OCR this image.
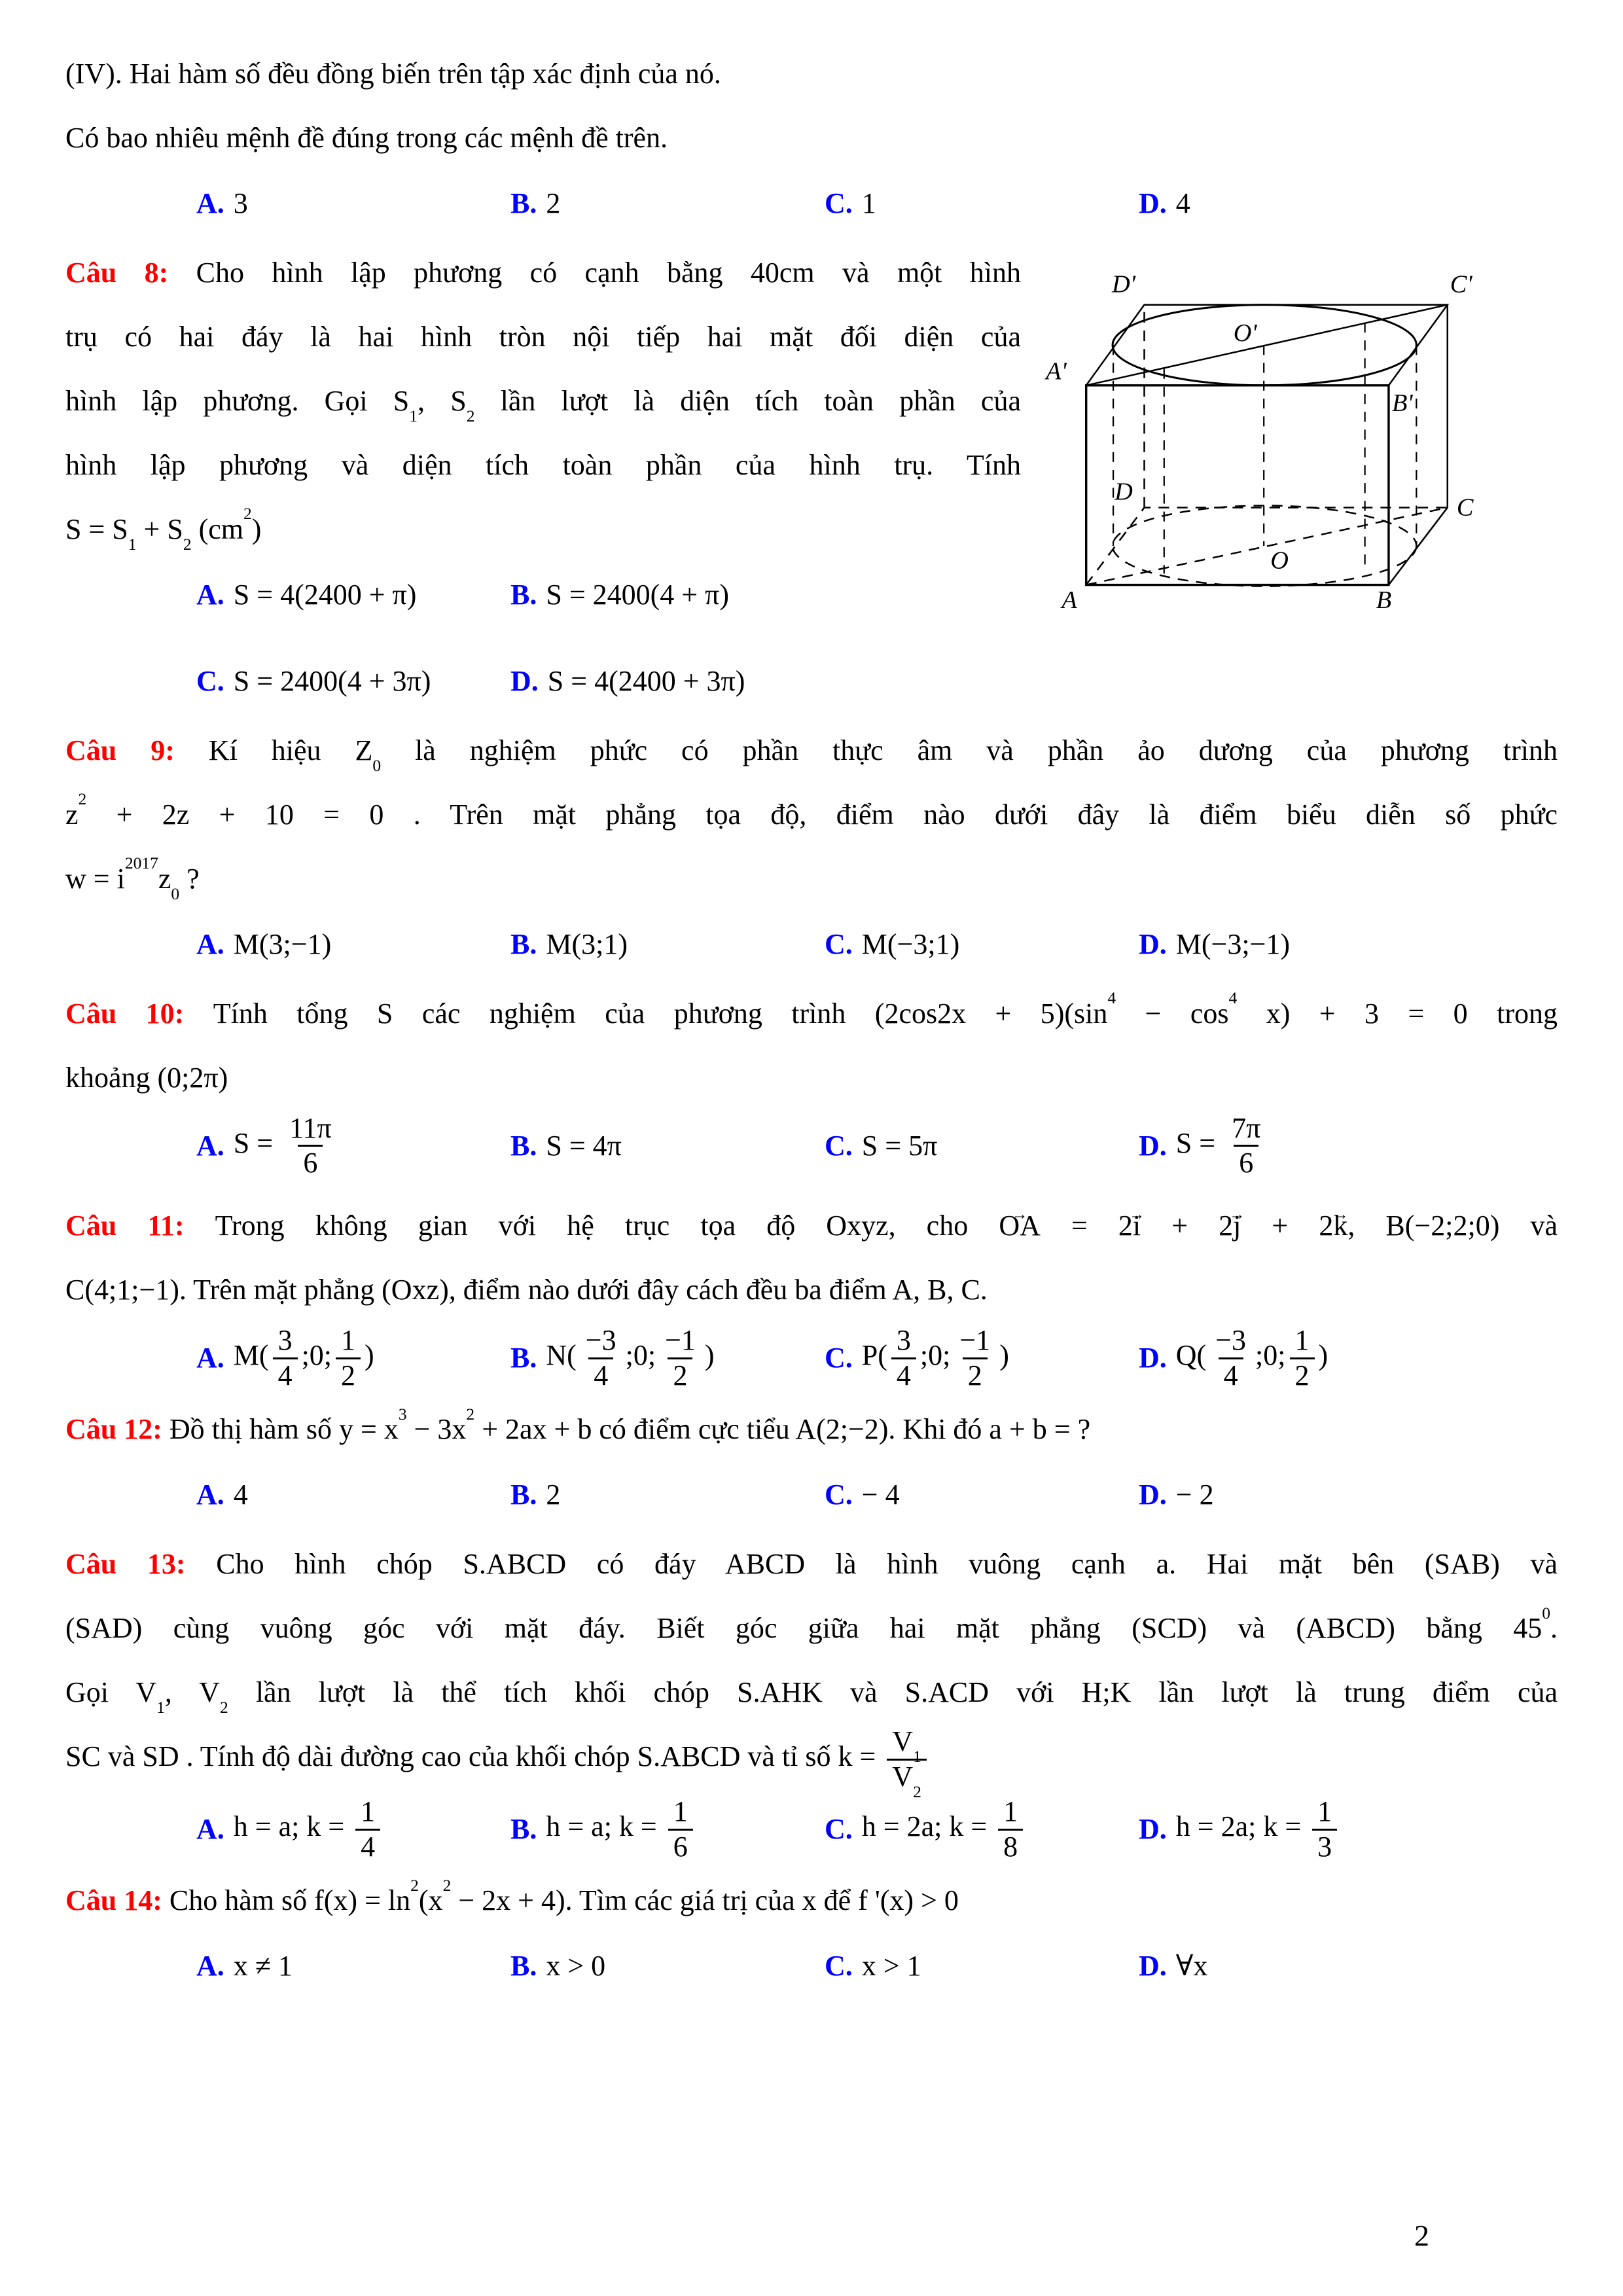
(IV). Hai hàm số đều đồng biến trên tập xác định của nó.
Có bao nhiêu mệnh đề đúng trong các mệnh đề trên.
A. 3	B. 2	C. 1	D. 4
Câu 8: Cho hình lập phương có cạnh bằng 40cm và một hình
trụ có hai đáy là hai hình tròn nội tiếp hai mặt đối diện của
hình lập phương. Gọi $S_1$, $S_2$ lần lượt là diện tích toàn phần của
hình lập phương và diện tích toàn phần của hình trụ. Tính
$S = S_1 + S_2$ $(cm^2)$
A. S = 4(2400 + π)	B. S = 2400(4 + π)
C. S = 2400(4 + 3π)	D. S = 4(2400 + 3π)
Câu 9: Kí hiệu $Z_0$ là nghiệm phức có phần thực âm và phần ảo dương của phương trình
$z^2 + 2z + 10 = 0$ . Trên mặt phẳng tọa độ, điểm nào dưới đây là điểm biểu diễn số phức
$w = i^{2017}z_0$ ?
A. M(3;−1)	B. M(3;1)	C. M(−3;1)	D. M(−3;−1)
Câu 10: Tính tổng S các nghiệm của phương trình $(2\cos 2x + 5)(\sin^4 - \cos^4 x) + 3 = 0$ trong
khoảng (0;2π)
A. $S = \frac{11\pi}{6}$	B. S = 4π	C. S = 5π	D. $S = \frac{7\pi}{6}$
Câu 11: Trong không gian với hệ trục tọa độ Oxyz, cho OA → = 2i → + 2j → + 2k →, B(−2;2;0) và
C(4;1;−1). Trên mặt phẳng (Oxz), điểm nào dưới đây cách đều ba điểm A, B, C.
A. $M( \frac{3}{4}$ ;0; $\frac{1}{2}$ )	B. $N( \frac{-3}{4}$ ;0; $\frac{-1}{2}$ )	C. $P( \frac{3}{4}$ ;0; $\frac{-1}{2}$ )	D. $Q( \frac{-3}{4}$ ;0; $\frac{1}{2}$ )
Câu 12: Đồ thị hàm số $y = x^3 - 3x^2 + 2ax + b$ có điểm cực tiểu A(2;−2). Khi đó a + b = ?
A. 4	B. 2	C. − 4	D. − 2
Câu 13: Cho hình chóp S.ABCD có đáy ABCD là hình vuông cạnh a. Hai mặt bên (SAB) và
(SAD) cùng vuông góc với mặt đáy. Biết góc giữa hai mặt phẳng (SCD) và (ABCD) bằng $45^0$.
Gọi $V_1$, $V_2$ lần lượt là thể tích khối chóp S.AHK và S.ACD với H;K lần lượt là trung điểm của
SC và SD . Tính độ dài đường cao của khối chóp S.ABCD và tỉ số $k = \frac{V_1}{V_2}$
A. h = a; $k = \frac{1}{4}$	B. h = a; $k = \frac{1}{6}$	C. h = 2a; $k = \frac{1}{8}$	D. h = 2a; $k = \frac{1}{3}$
Câu 14: Cho hàm số $f(x) = \ln^2(x^2 - 2x + 4)$. Tìm các giá trị của x để f '(x) > 0
A. x ≠ 1	B. x > 0	C. x > 1	D. ∀x
D'	C'
A'
B'
O'
D
C
O
A	B
2
